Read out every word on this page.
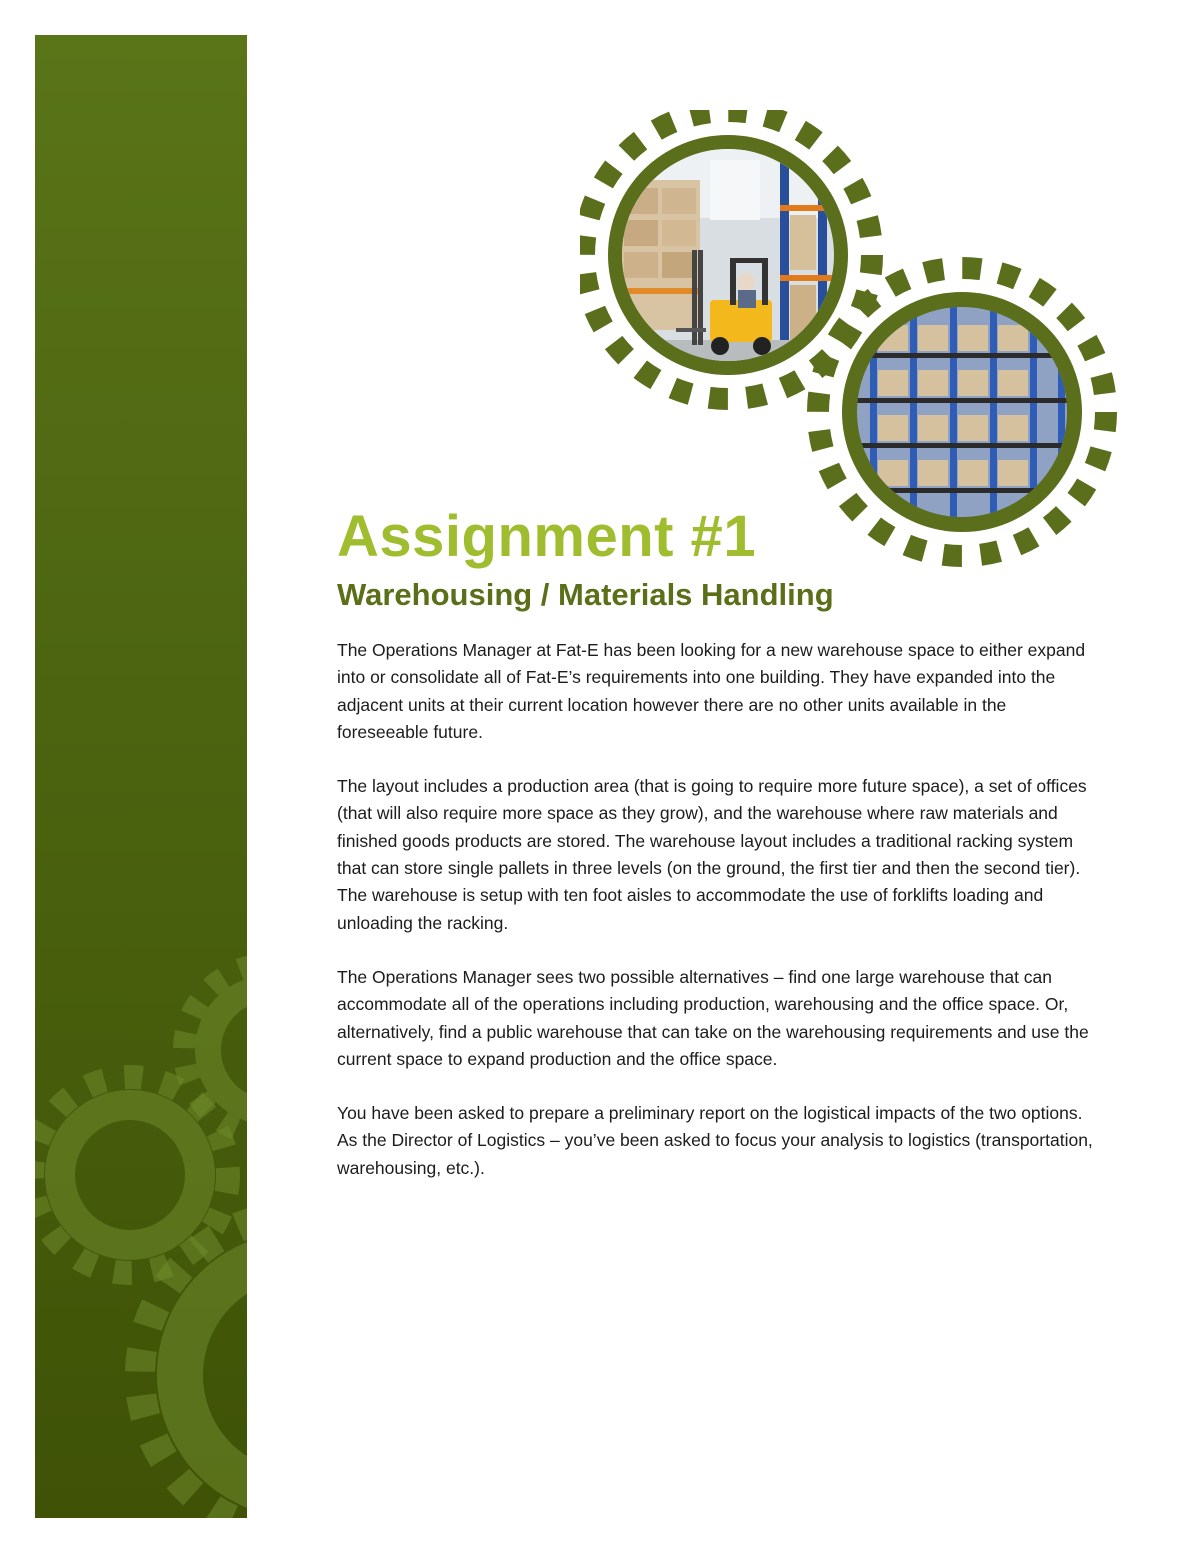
Assignment #1
Warehousing / Materials Handling

The Operations Manager at Fat-E has been looking for a new warehouse space to either expand into or consolidate all of Fat-E’s requirements into one building. They have expanded into the adjacent units at their current location however there are no other units available in the foreseeable future.

The layout includes a production area (that is going to require more future space), a set of offices (that will also require more space as they grow), and the warehouse where raw materials and finished goods products are stored. The warehouse layout includes a traditional racking system that can store single pallets in three levels (on the ground, the first tier and then the second tier). The warehouse is setup with ten foot aisles to accommodate the use of forklifts loading and unloading the racking.

The Operations Manager sees two possible alternatives – find one large warehouse that can accommodate all of the operations including production, warehousing and the office space. Or, alternatively, find a public warehouse that can take on the warehousing requirements and use the current space to expand production and the office space.

You have been asked to prepare a preliminary report on the logistical impacts of the two options. As the Director of Logistics – you’ve been asked to focus your analysis to logistics (transportation, warehousing, etc.).
